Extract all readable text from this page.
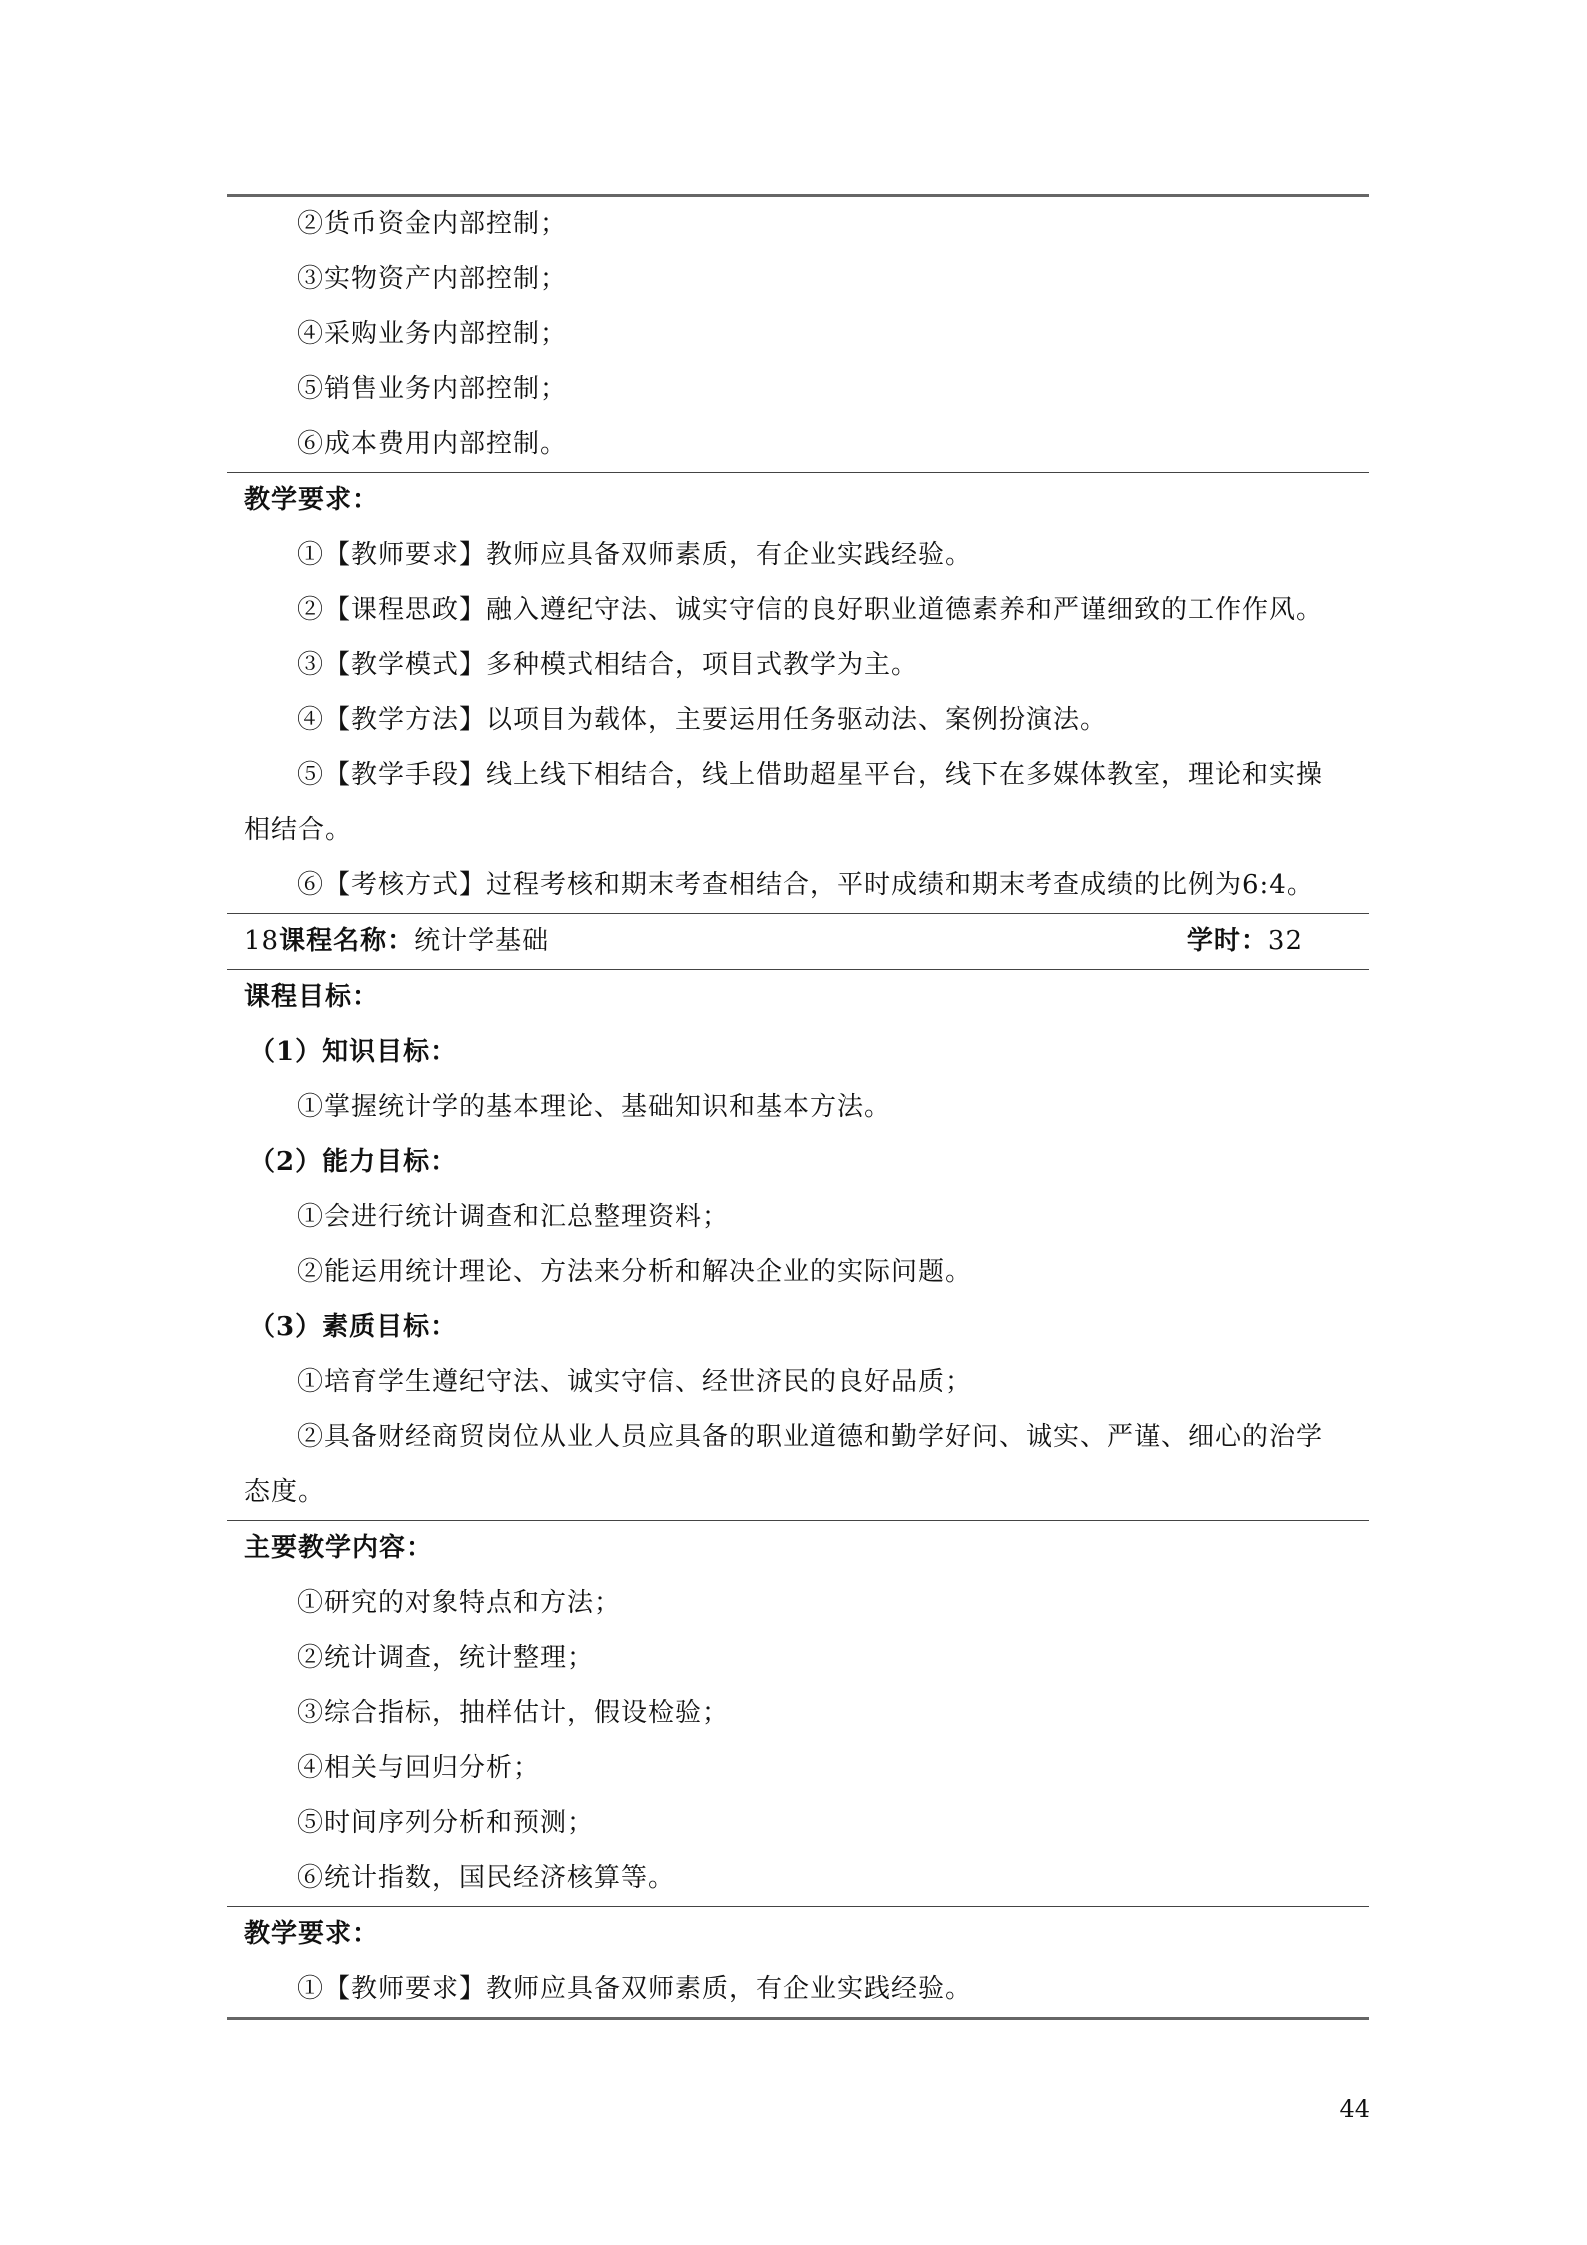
②货币资金内部控制；
③实物资产内部控制；
④采购业务内部控制；
⑤销售业务内部控制；
⑥成本费用内部控制。
教学要求：
①【教师要求】教师应具备双师素质，有企业实践经验。
②【课程思政】融入遵纪守法、诚实守信的良好职业道德素养和严谨细致的工作作风。
③【教学模式】多种模式相结合，项目式教学为主。
④【教学方法】以项目为载体，主要运用任务驱动法、案例扮演法。
⑤【教学手段】线上线下相结合，线上借助超星平台，线下在多媒体教室，理论和实操
相结合。
⑥【考核方式】过程考核和期末考查相结合，平时成绩和期末考查成绩的比例为6:4。
18课程名称：统计学基础	学时：32
课程目标：
（1）知识目标：
①掌握统计学的基本理论、基础知识和基本方法。
（2）能力目标：
①会进行统计调查和汇总整理资料；
②能运用统计理论、方法来分析和解决企业的实际问题。
（3）素质目标：
①培育学生遵纪守法、诚实守信、经世济民的良好品质；
②具备财经商贸岗位从业人员应具备的职业道德和勤学好问、诚实、严谨、细心的治学
态度。
主要教学内容：
①研究的对象特点和方法；
②统计调查，统计整理；
③综合指标，抽样估计，假设检验；
④相关与回归分析；
⑤时间序列分析和预测；
⑥统计指数，国民经济核算等。
教学要求：
①【教师要求】教师应具备双师素质，有企业实践经验。
44
